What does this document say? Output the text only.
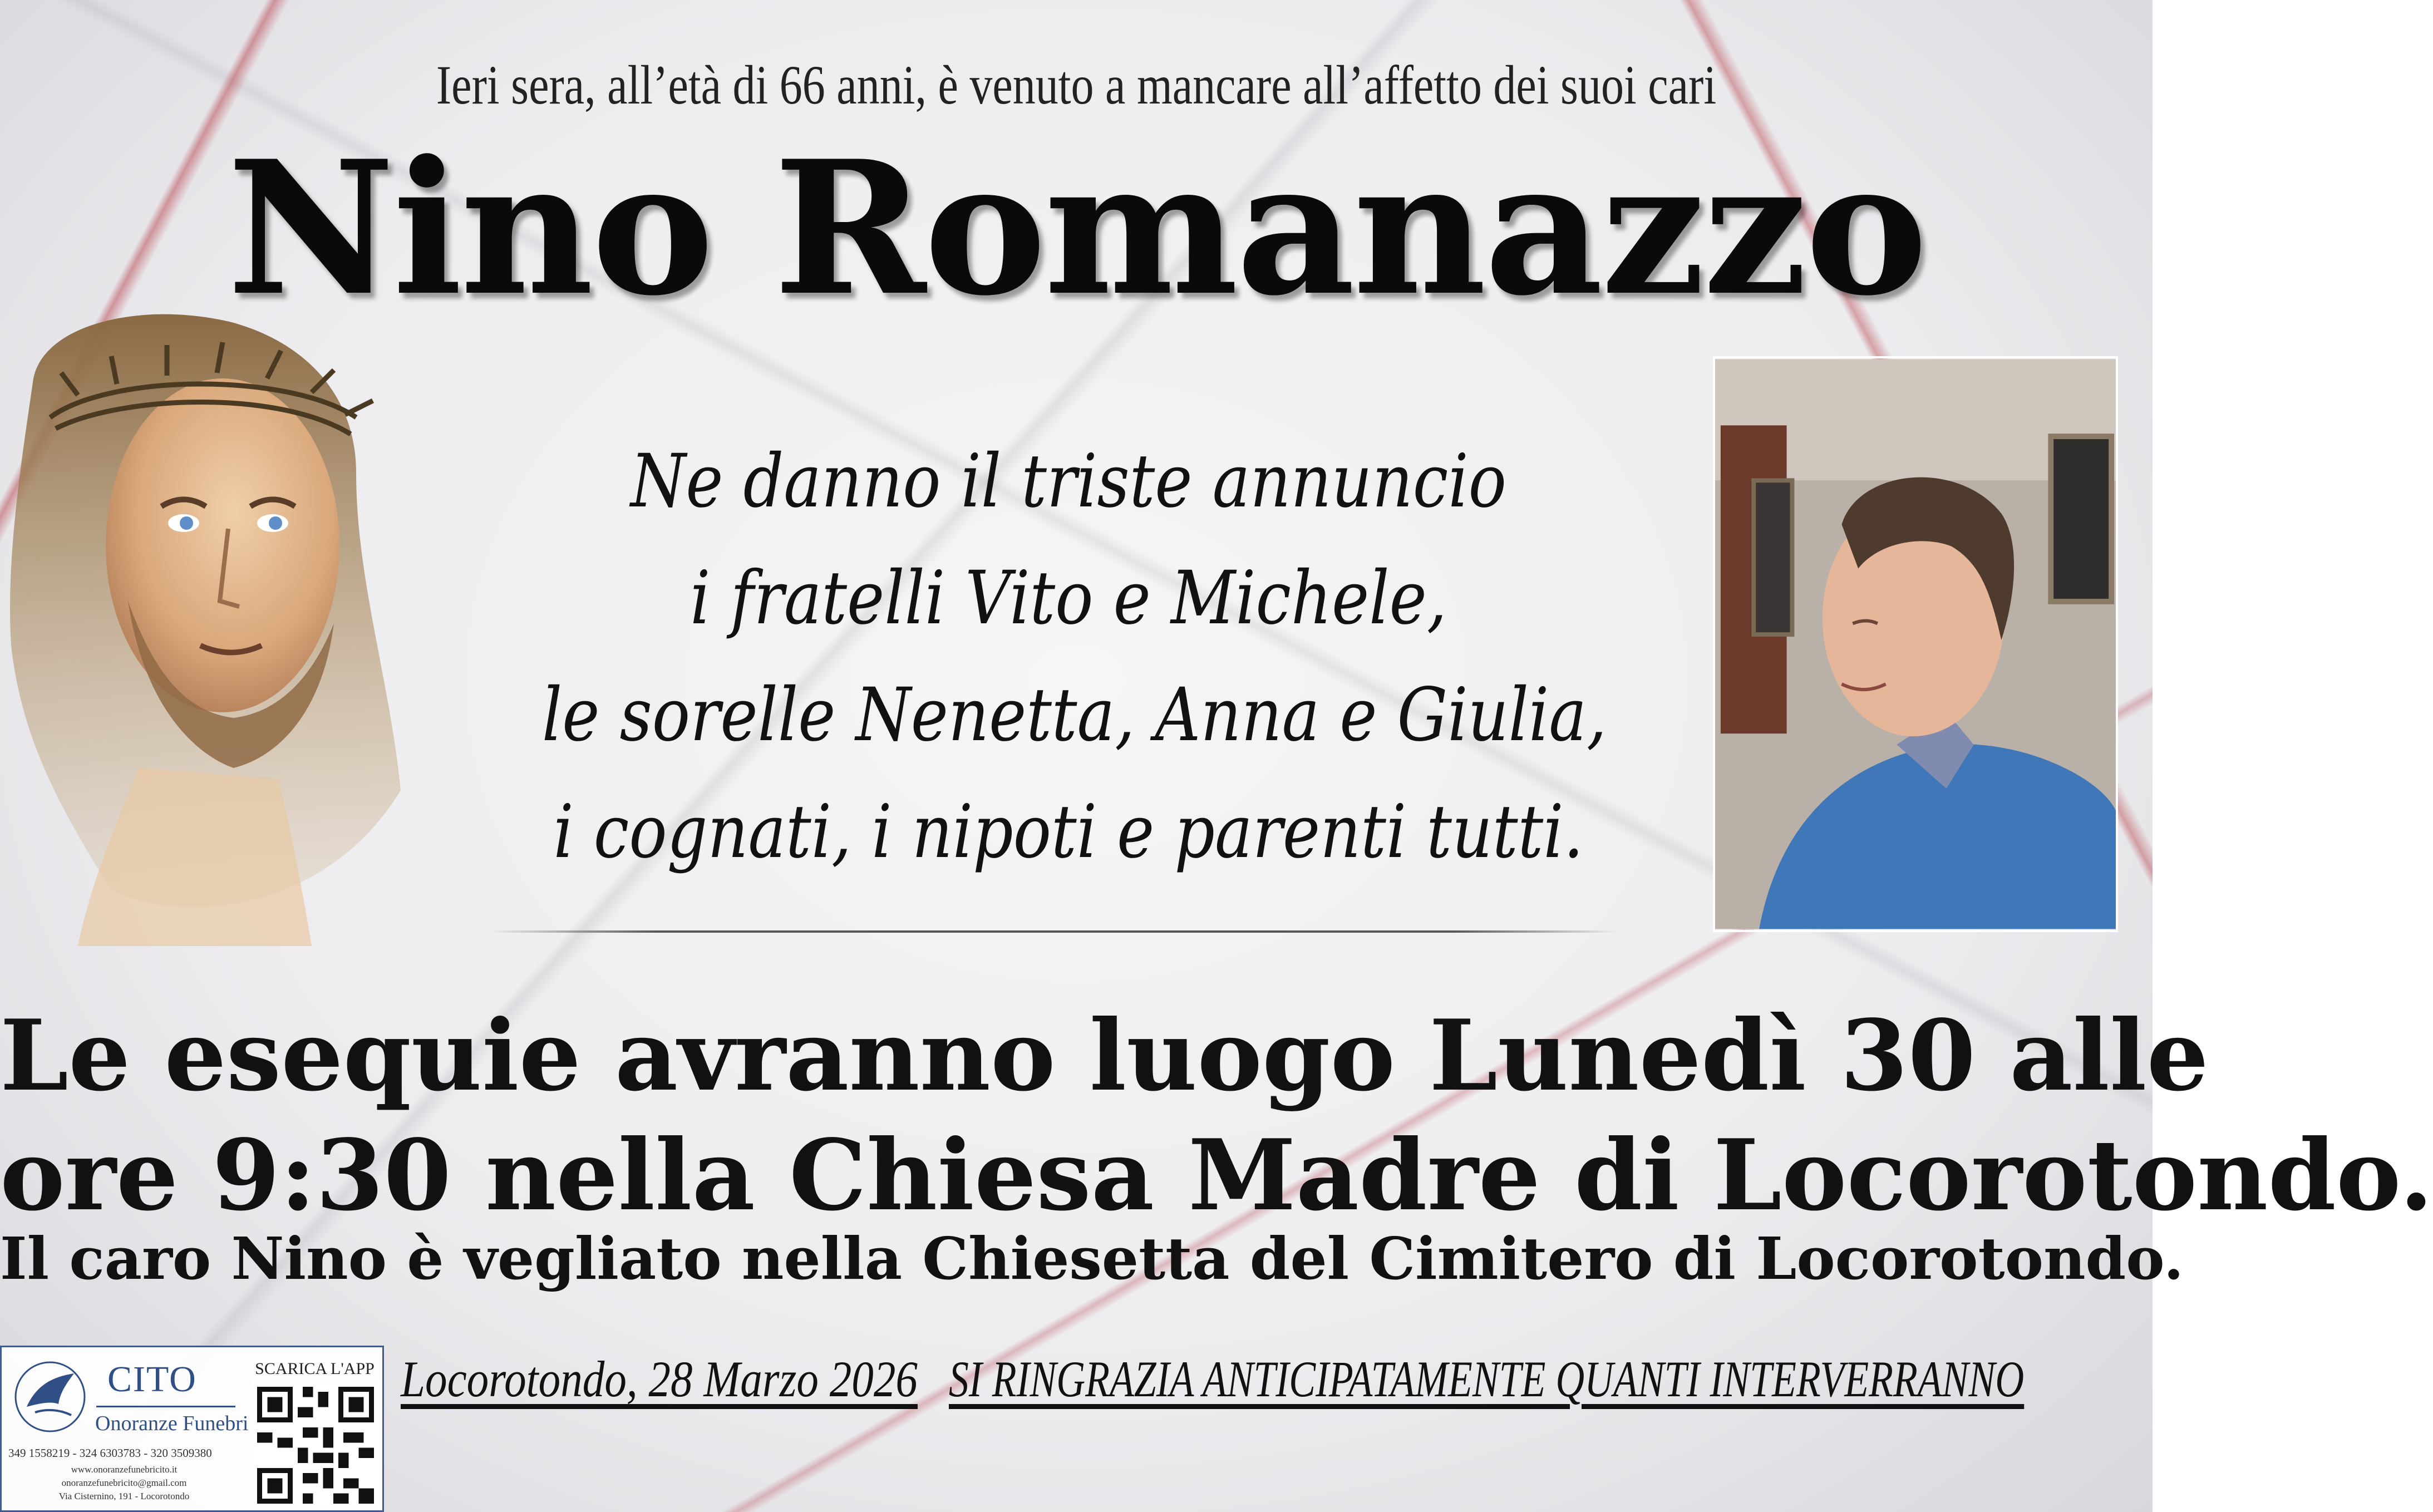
Ieri sera, all’età di 66 anni, è venuto a mancare all’affetto dei suoi cari
Nino Romanazzo
Ne danno il triste annuncio
i fratelli Vito e Michele,
le sorelle Nenetta, Anna e Giulia,
i cognati, i nipoti e parenti tutti.
Le esequie avranno luogo Lunedì 30 alle
ore 9:30 nella Chiesa Madre di Locorotondo.
Il caro Nino è vegliato nella Chiesetta del Cimitero di Locorotondo.
Locorotondo, 28 Marzo 2026 SI RINGRAZIA ANTICIPATAMENTE QUANTI INTERVERRANNO
CITO
Onoranze Funebri
349 1558219 - 324 6303783 - 320 3509380
www.onoranzefunebricito.it
onoranzefunebricito@gmail.com
Via Cisternino, 191 - Locorotondo
SCARICA L'APP
